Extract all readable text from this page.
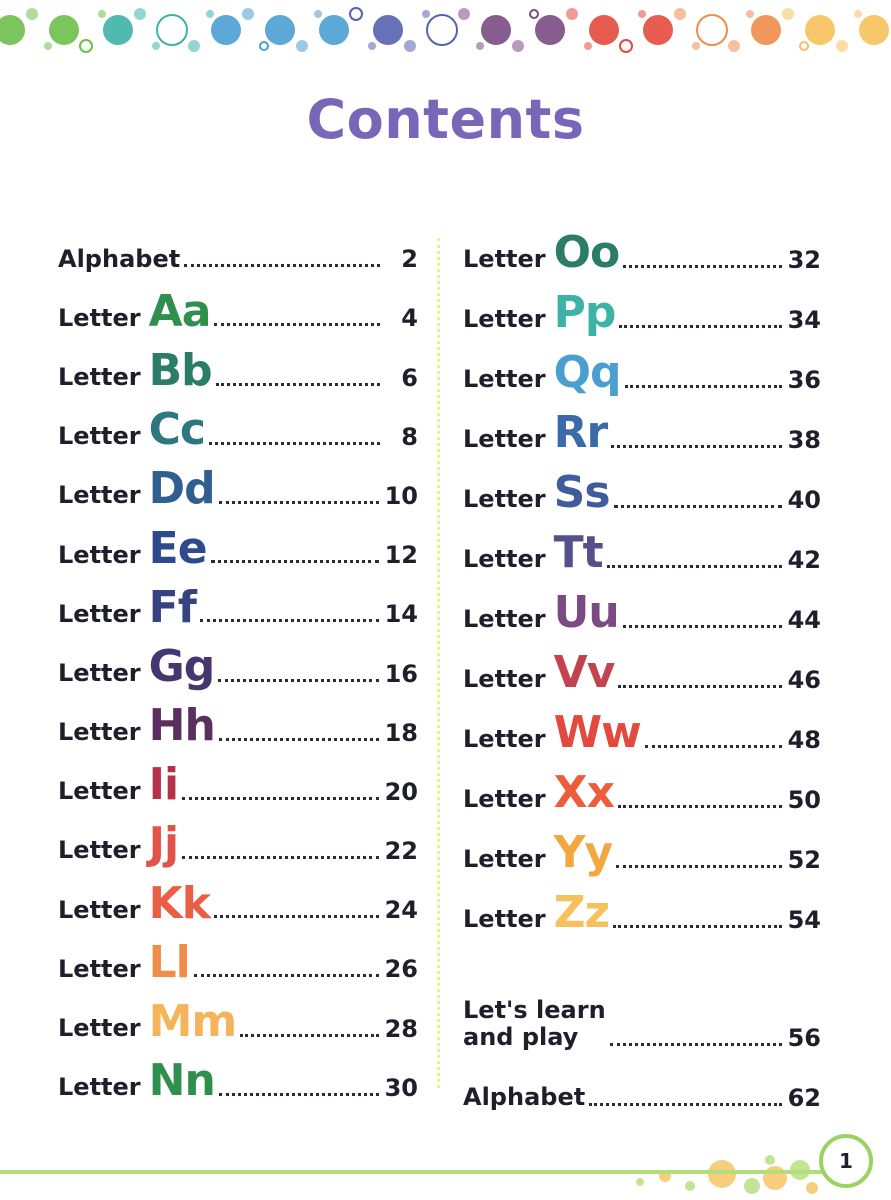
Contents
Alphabet	2
Letter Aa	4
Letter Bb	6
Letter Cc	8
Letter Dd	10
Letter Ee	12
Letter Ff	14
Letter Gg	16
Letter Hh	18
Letter Ii	20
Letter Jj	22
Letter Kk	24
Letter Ll	26
Letter Mm	28
Letter Nn	30
Letter Oo	32
Letter Pp	34
Letter Qq	36
Letter Rr	38
Letter Ss	40
Letter Tt	42
Letter Uu	44
Letter Vv	46
Letter Ww	48
Letter Xx	50
Letter Yy	52
Letter Zz	54
Let's learn
and play	56
Alphabet	62
1
